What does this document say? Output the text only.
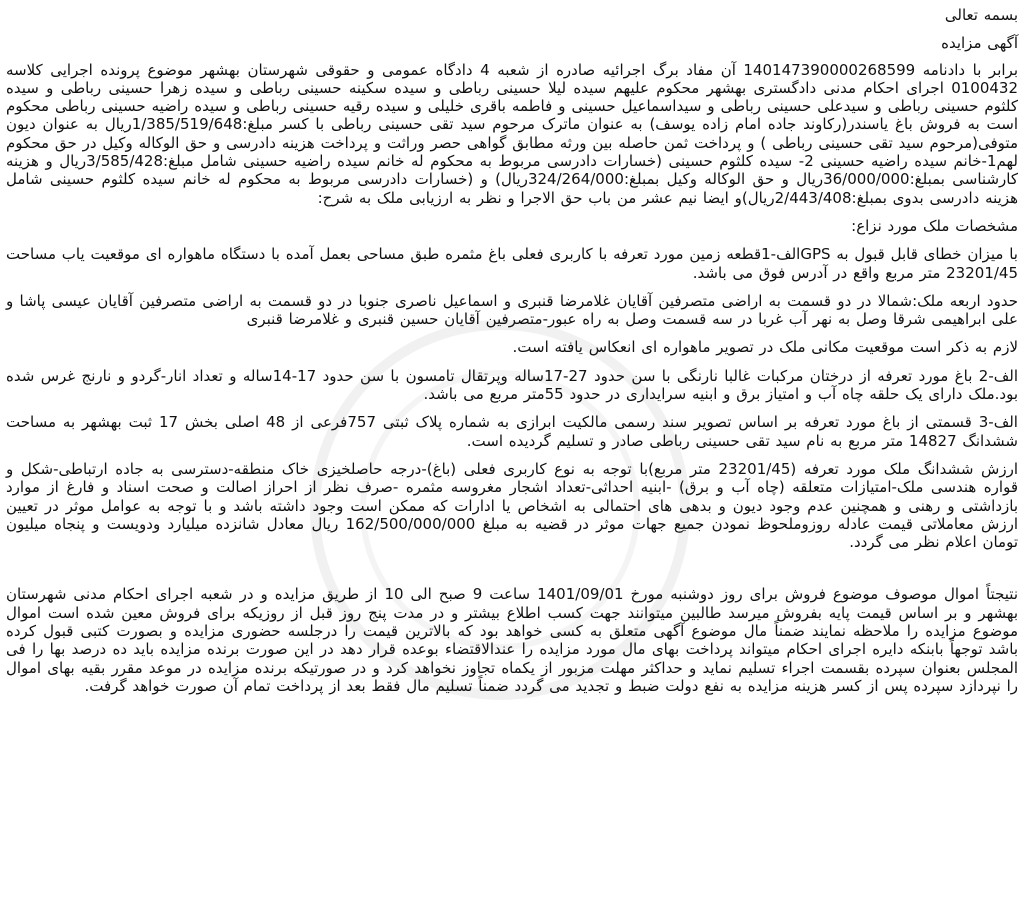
بسمه تعالی

آگهی مزایده

برابر با دادنامه 140147390000268599 آن مفاد برگ اجرائیه صادره از شعبه 4 دادگاه عمومی و حقوقی شهرستان بهشهر موضوع پرونده اجرایی کلاسه 0100432 اجرای احکام مدنی دادگستری بهشهر محکوم علیهم سیده لیلا حسینی رباطی و سیده سکینه حسینی رباطی و سیده زهرا حسینی رباطی و سیده کلثوم حسینی رباطی و سیدعلی حسینی رباطی و سیداسماعیل حسینی و فاطمه باقری خلیلی و سیده رقیه حسینی رباطی و سیده راضیه حسینی رباطی محکوم است به فروش باغ یاسندر(رکاوند جاده امام زاده یوسف) به عنوان ماترک مرحوم سید تقی حسینی رباطی با کسر مبلغ:1/385/519/648ریال به عنوان دیون متوفی(مرحوم سید تقی حسینی رباطی ) و پرداخت ثمن حاصله بین ورثه مطابق گواهی حصر وراثت و پرداخت هزینه دادرسی و حق الوکاله وکیل در حق محکوم لهم1-خانم سیده راضیه حسینی 2- سیده کلثوم حسینی (خسارات دادرسی مربوط به محکوم له خانم سیده راضیه حسینی شامل مبلغ:3/585/428ریال و هزینه کارشناسی بمبلغ:36/000/000ریال و حق الوکاله وکیل بمبلغ:324/264/000ریال) و (خسارات دادرسی مربوط به محکوم له خانم سیده کلثوم حسینی شامل هزینه دادرسی بدوی بمبلغ:2/443/408ریال)و ایضا نیم عشر من باب حق الاجرا و نظر به ارزیابی ملک به شرح:

مشخصات ملک مورد نزاع:

با میزان خطای قابل قبول به GPSالف-1قطعه زمین مورد تعرفه با کاربری فعلی باغ مثمره طبق مساحی بعمل آمده با دستگاه ماهواره ای موقعیت یاب مساحت 23201/45 متر مربع واقع در آدرس فوق می باشد.

حدود اربعه ملک:شمالا در دو قسمت به اراضی متصرفین آقایان غلامرضا قنبری و اسماعیل ناصری جنوبا در دو قسمت به اراضی متصرفین آقایان عیسی پاشا و علی ابراهیمی شرقا وصل به نهر آب غربا در سه قسمت وصل به راه عبور-متصرفین آقایان حسین قنبری و غلامرضا قنبری

لازم به ذکر است موقعیت مکانی ملک در تصویر ماهواره ای انعکاس یافته است.

الف-2 باغ مورد تعرفه از درختان مرکبات غالبا نارنگی با سن حدود 27-17ساله وپرتقال تامسون با سن حدود 17-14ساله و تعداد انار-گردو و نارنج غرس شده بود.ملک دارای یک حلقه چاه آب و امتیاز برق و ابنیه سرایداری در حدود 55متر مربع می باشد.

الف-3 قسمتی از باغ مورد تعرفه بر اساس تصویر سند رسمی مالکیت ابرازی به شماره پلاک ثبتی 757فرعی از 48 اصلی بخش 17 ثبت بهشهر به مساحت ششدانگ 14827 متر مربع به نام سید تقی حسینی رباطی صادر و تسلیم گردیده است.

ارزش ششدانگ ملک مورد تعرفه (23201/45 متر مربع)با توجه به نوع کاربری فعلی (باغ)-درجه حاصلخیزی خاک منطقه-دسترسی به جاده ارتباطی-شکل و قواره هندسی ملک-امتیازات متعلقه (چاه آب و برق) -ابنیه احداثی-تعداد اشجار مغروسه مثمره -صرف نظر از احراز اصالت و صحت اسناد و فارغ از موارد بازداشتی و رهنی و همچنین عدم وجود دیون و بدهی های احتمالی به اشخاص یا ادارات که ممکن است وجود داشته باشد و با توجه به عوامل موثر در تعیین ارزش معاملاتی قیمت عادله روزوملحوظ نمودن جمیع جهات موثر در قضیه به مبلغ 162/500/000/000 ریال معادل شانزده میلیارد ودویست و پنجاه میلیون تومان اعلام نظر می گردد.

نتیجتاً اموال موصوف موضوع فروش برای روز دوشنبه مورخ 1401/09/01 ساعت 9 صبح الی 10 از طریق مزایده و در شعبه اجرای احکام مدنی شهرستان بهشهر و بر اساس قیمت پایه بفروش میرسد طالبین میتوانند جهت کسب اطلاع بیشتر و در مدت پنج روز قبل از روزیکه برای فروش معین شده است اموال موضوع مزایده را ملاحظه نمایند ضمناً مال موضوع آگهی متعلق به کسی خواهد بود که بالاترین قیمت را درجلسه حضوری مزایده و بصورت کتبی قبول کرده باشد توجهاً بابنکه دایره اجرای احکام میتواند پرداخت بهای مال مورد مزایده را عندالاقتضاء بوعده قرار دهد در این صورت برنده مزایده باید ده درصد بها را فی المجلس بعنوان سپرده بقسمت اجراء تسلیم نماید و حداکثر مهلت مزبور از یکماه تجاوز نخواهد کرد و در صورتیکه برنده مزایده در موعد مقرر بقیه بهای اموال را نپردازد سپرده پس از کسر هزینه مزایده به نفع دولت ضبط و تجدید می گردد ضمناً تسلیم مال فقط بعد از پرداخت تمام آن صورت خواهد گرفت.
